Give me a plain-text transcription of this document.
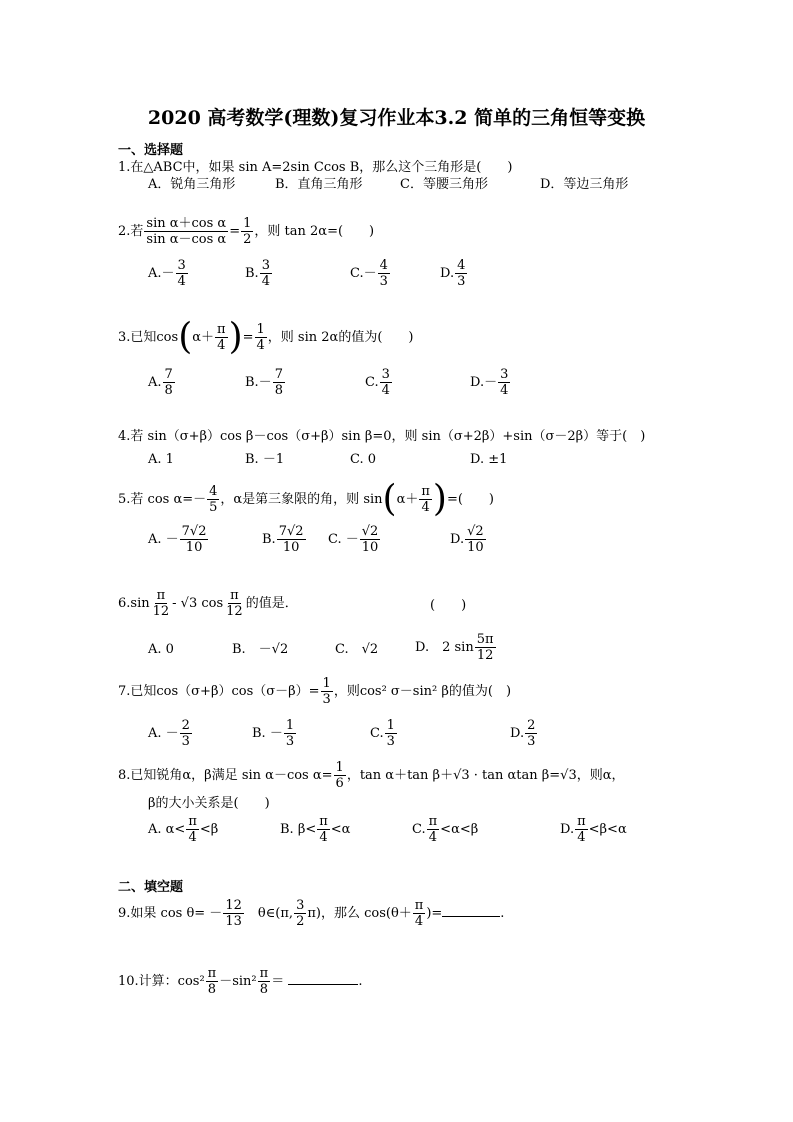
2020 高考数学(理数)复习作业本3.2 简单的三角恒等变换
一、选择题
1.在△ABC中，如果 sin A=2sin Ccos B，那么这个三角形是(　　)
A．锐角三角形	B．直角三角形	C．等腰三角形	D．等边三角形
2.若 $\frac{\text{sin α＋cos α}}{\text{sin α－cos α}} = \frac{1}{2}$ ，则 tan 2α=(　　)
$A.- \frac{3}{4}$	B. $\frac{3}{4}$	$C.- \frac{4}{3}$	D. $\frac{4}{3}$
3.已知$\cos(\alpha+ \frac{\pi}{4}$ )= $\frac{1}{4}$ ，则 sin 2α的值为(　　)
A. $\frac{7}{8}$	$B.- \frac{7}{8}$	C. $\frac{3}{4}$	$D.- \frac{3}{4}$
4.若 sin（σ+β）cos β－cos（σ+β）sin β=0，则 sin（σ+2β）+sin（σ－2β）等于(　)
A. 1	B. －1	C. 0	D. ±1
5.若 $\cos \alpha=- \frac{4}{5}$ ，α是第三象限的角，则 $\sin(\alpha+ \frac{\pi}{4}$ )=(　　)
A. － $\frac{7√2}{10}$	B. $\frac{7√2}{10} C$. － $\frac{√2}{10}$	D. $\frac{√2}{10}$
$6.\sin \frac{\pi}{12} - √3$ $\cos \frac{\pi}{12}$ 的值是．	(　　)
A. 0	B.　－√2	C.　√2	D.　2 $\sin \frac{5\pi}{12}$
7.已知$\cos(\sigma+\beta)\cos(\sigma-\beta)= \frac{1}{3}$ ，则cos² σ－sin² β的值为(　)
A. － $\frac{2}{3}$	B. － $\frac{1}{3}$	C. $\frac{1}{3}$	D. $\frac{2}{3}$
8.已知锐角α，β满足 sin α－cos $\alpha= \frac{1}{6}$ ，tan α＋tan β＋√3 · tan αtan β=√3，则α，
β的大小关系是(　　)
A. $\alpha< \frac{\pi}{4} <\beta$	B. $\beta< \frac{\pi}{4} <\alpha$	C. $\frac{\pi}{4} <\alpha<\beta$	D. $\frac{\pi}{4} <\beta<\alpha$
二、填空题
9.如果 $\cos \theta= - \frac{12}{13}$ 　θ∈(π, $\frac{3}{2} \pi$)，那么 $\cos(\theta+ \frac{\pi}{4}$ )=	.
10.计算：$\cos^2 \frac{\pi}{8} -\sin^2 \frac{\pi}{8}$ ＝	.
